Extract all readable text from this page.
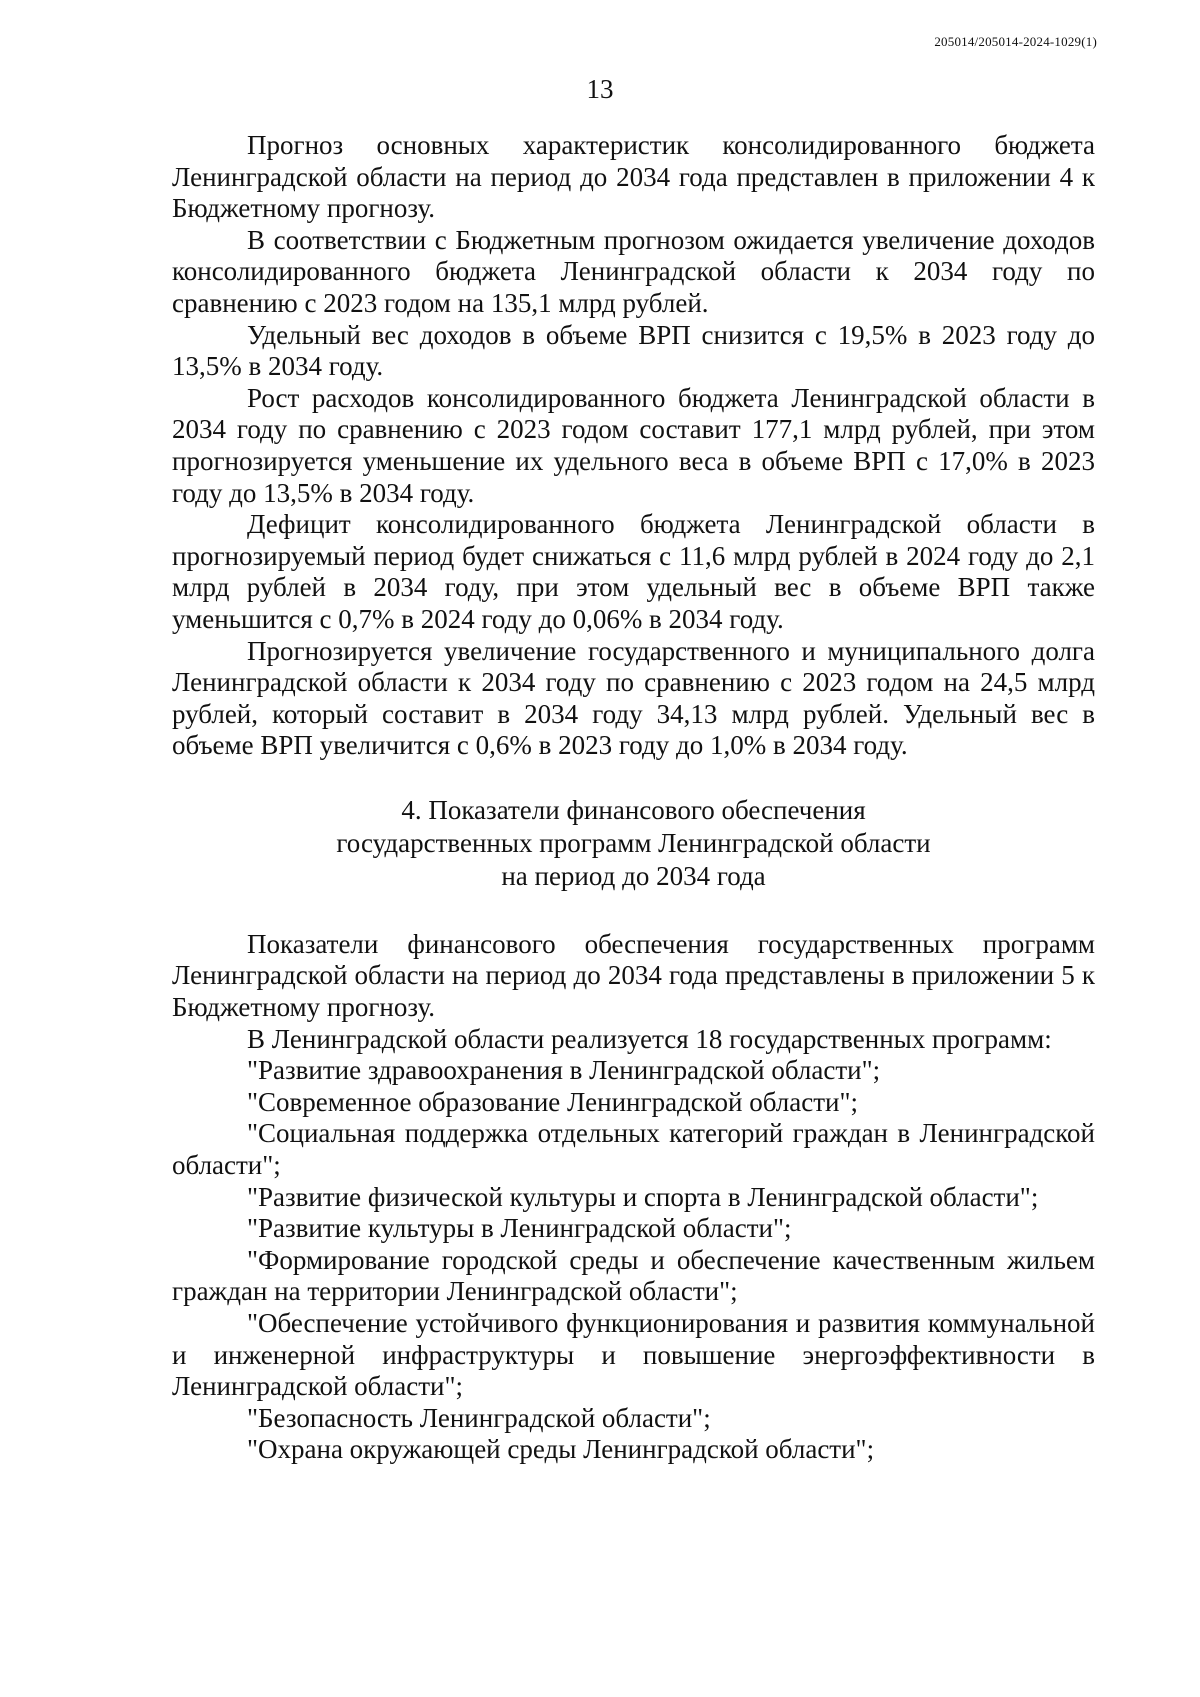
205014/205014-2024-1029(1)
13

Прогноз основных характеристик консолидированного бюджета Ленинградской области на период до 2034 года представлен в приложении 4 к Бюджетному прогнозу.

В соответствии с Бюджетным прогнозом ожидается увеличение доходов консолидированного бюджета Ленинградской области к 2034 году по сравнению с 2023 годом на 135,1 млрд рублей.

Удельный вес доходов в объеме ВРП снизится с 19,5% в 2023 году до 13,5% в 2034 году.

Рост расходов консолидированного бюджета Ленинградской области в 2034 году по сравнению с 2023 годом составит 177,1 млрд рублей, при этом прогнозируется уменьшение их удельного веса в объеме ВРП с 17,0% в 2023 году до 13,5% в 2034 году.

Дефицит консолидированного бюджета Ленинградской области в прогнозируемый период будет снижаться с 11,6 млрд рублей в 2024 году до 2,1 млрд рублей в 2034 году, при этом удельный вес в объеме ВРП также уменьшится с 0,7% в 2024 году до 0,06% в 2034 году.

Прогнозируется увеличение государственного и муниципального долга Ленинградской области к 2034 году по сравнению с 2023 годом на 24,5 млрд рублей, который составит в 2034 году 34,13 млрд рублей. Удельный вес в объеме ВРП увеличится с 0,6% в 2023 году до 1,0% в 2034 году.

4. Показатели финансового обеспечения
государственных программ Ленинградской области
на период до 2034 года

Показатели финансового обеспечения государственных программ Ленинградской области на период до 2034 года представлены в приложении 5 к Бюджетному прогнозу.

В Ленинградской области реализуется 18 государственных программ:

"Развитие здравоохранения в Ленинградской области";

"Современное образование Ленинградской области";

"Социальная поддержка отдельных категорий граждан в Ленинградской области";

"Развитие физической культуры и спорта в Ленинградской области";

"Развитие культуры в Ленинградской области";

"Формирование городской среды и обеспечение качественным жильем граждан на территории Ленинградской области";

"Обеспечение устойчивого функционирования и развития коммунальной и инженерной инфраструктуры и повышение энергоэффективности в Ленинградской области";

"Безопасность Ленинградской области";

"Охрана окружающей среды Ленинградской области";
